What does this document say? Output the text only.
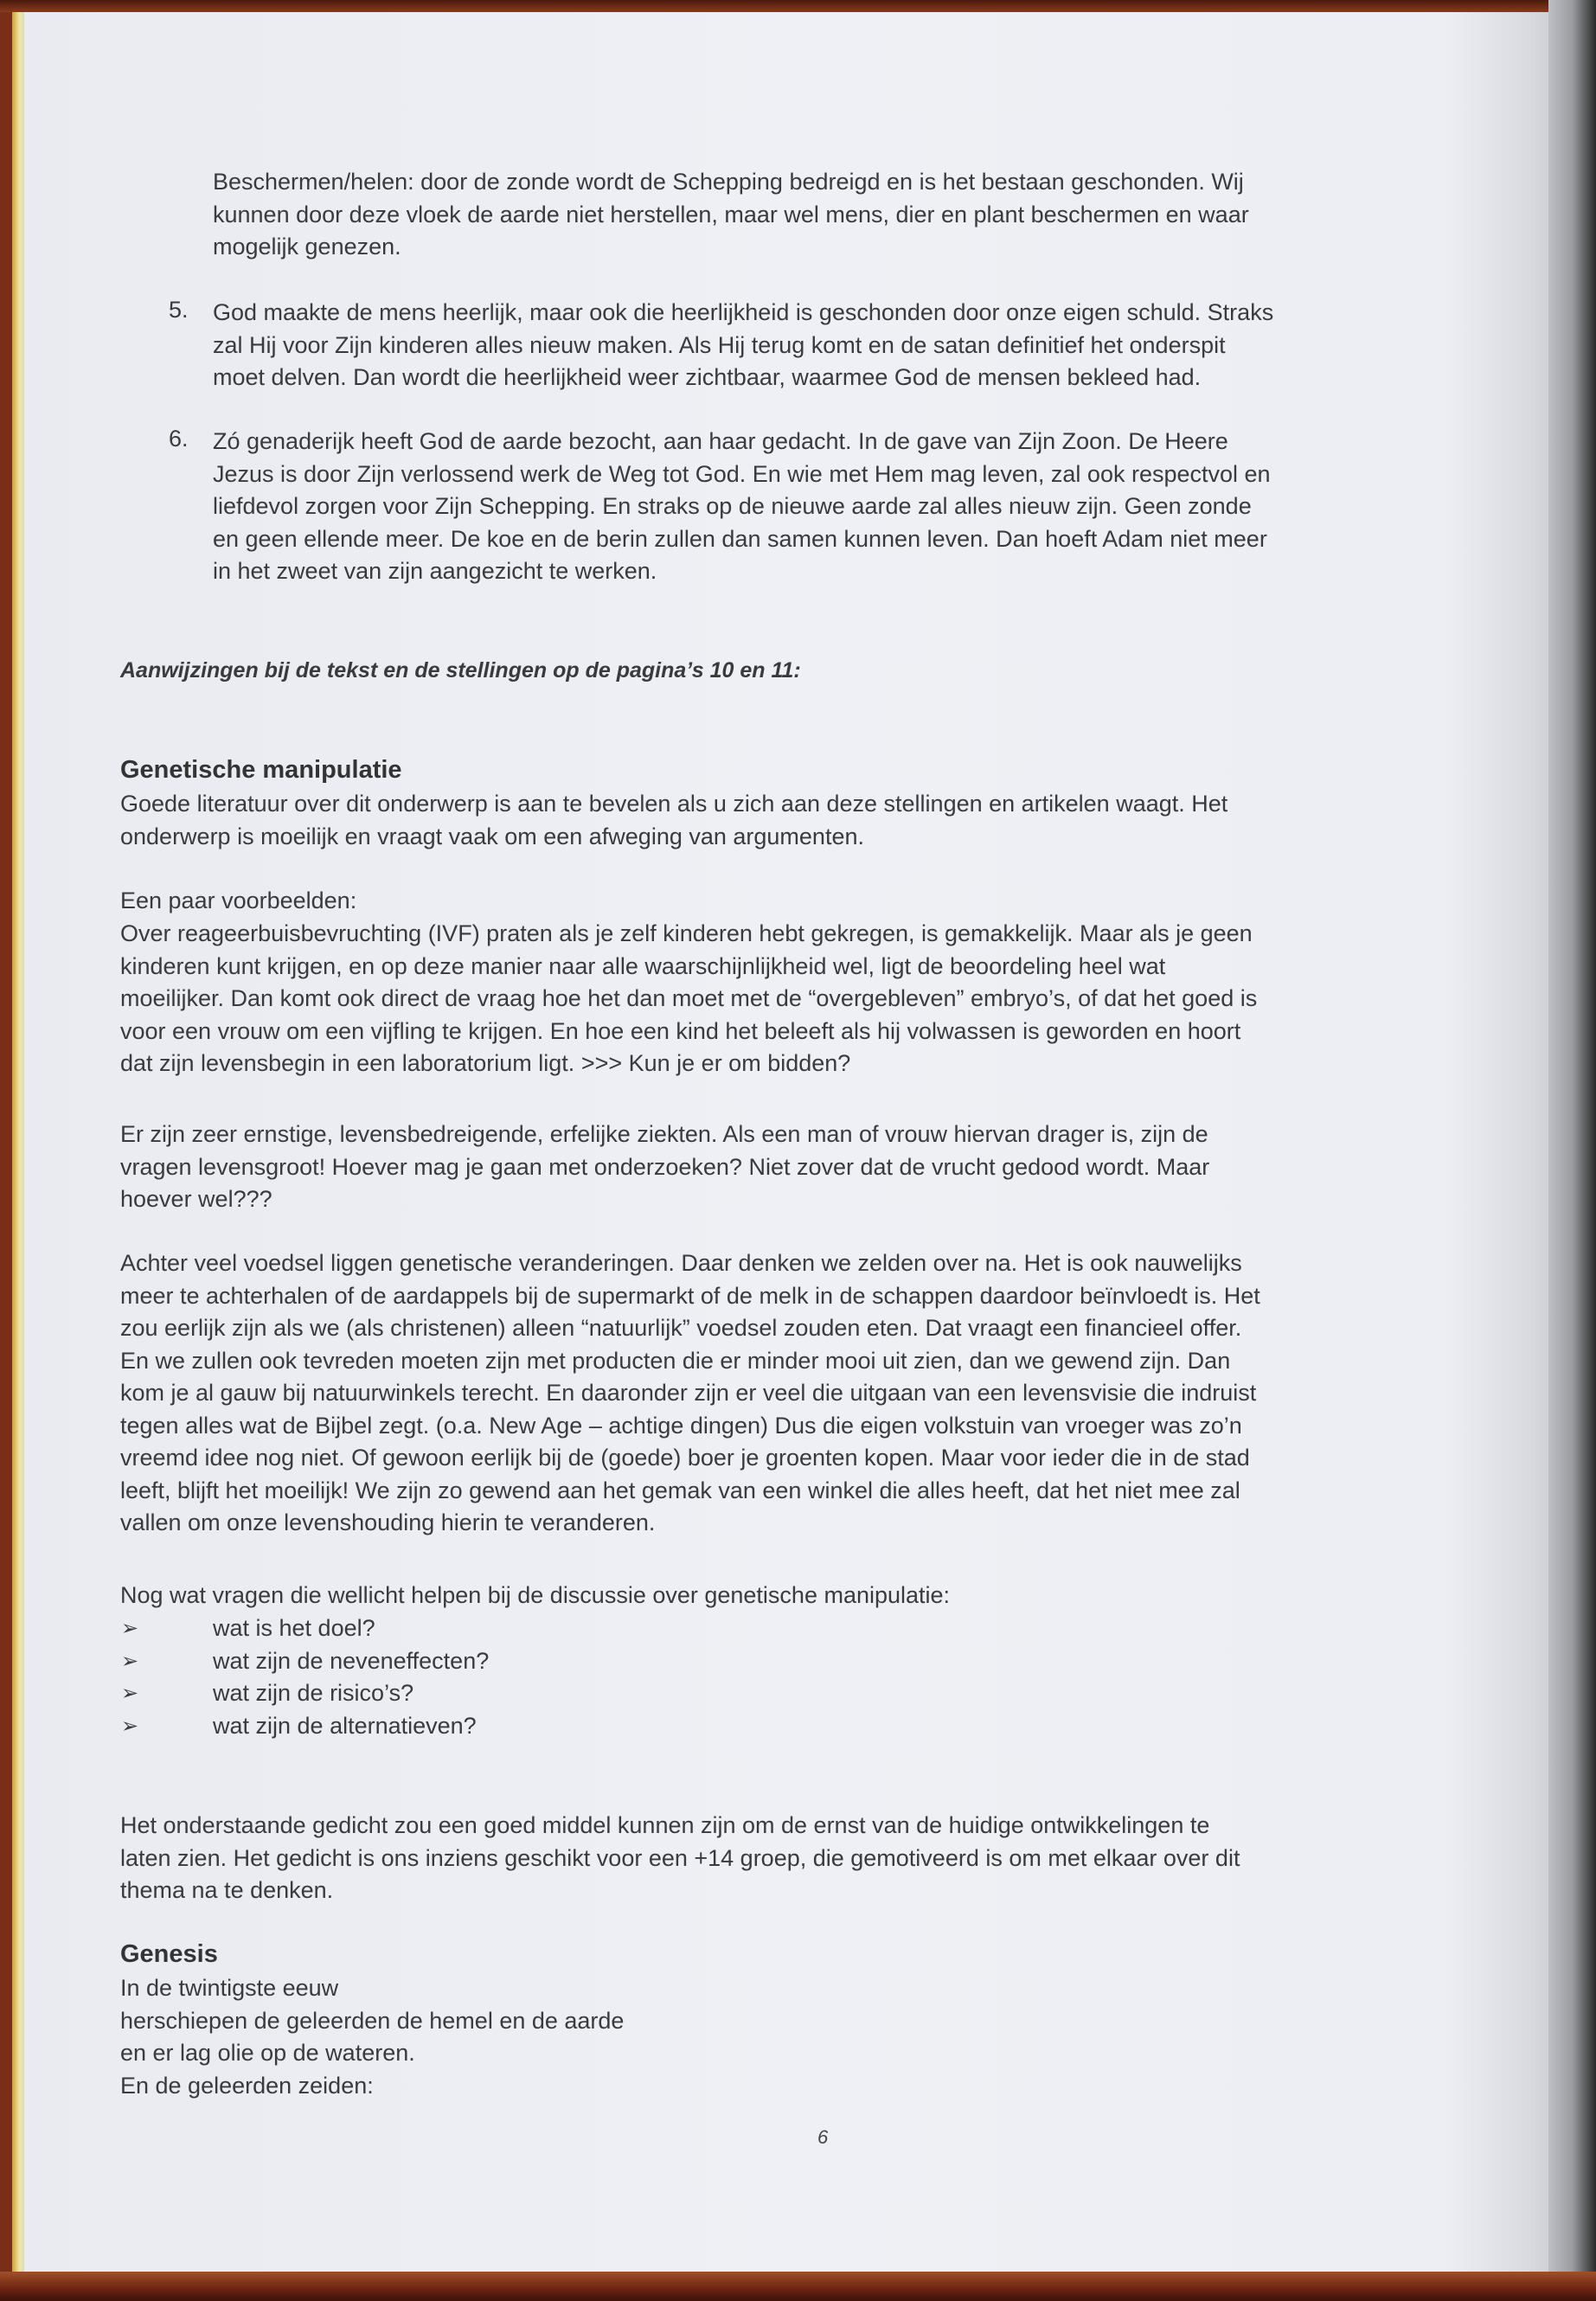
Beschermen/helen: door de zonde wordt de Schepping bedreigd en is het bestaan geschonden. Wij
kunnen door deze vloek de aarde niet herstellen, maar wel mens, dier en plant beschermen en waar
mogelijk genezen.
5. God maakte de mens heerlijk, maar ook die heerlijkheid is geschonden door onze eigen schuld. Straks
zal Hij voor Zijn kinderen alles nieuw maken. Als Hij terug komt en de satan definitief het onderspit
moet delven. Dan wordt die heerlijkheid weer zichtbaar, waarmee God de mensen bekleed had.
6. Zó genaderijk heeft God de aarde bezocht, aan haar gedacht. In de gave van Zijn Zoon. De Heere
Jezus is door Zijn verlossend werk de Weg tot God. En wie met Hem mag leven, zal ook respectvol en
liefdevol zorgen voor Zijn Schepping. En straks op de nieuwe aarde zal alles nieuw zijn. Geen zonde
en geen ellende meer. De koe en de berin zullen dan samen kunnen leven. Dan hoeft Adam niet meer
in het zweet van zijn aangezicht te werken.
Aanwijzingen bij de tekst en de stellingen op de pagina’s 10 en 11:
Genetische manipulatie
Goede literatuur over dit onderwerp is aan te bevelen als u zich aan deze stellingen en artikelen waagt. Het
onderwerp is moeilijk en vraagt vaak om een afweging van argumenten.
Een paar voorbeelden:
Over reageerbuisbevruchting (IVF) praten als je zelf kinderen hebt gekregen, is gemakkelijk. Maar als je geen
kinderen kunt krijgen, en op deze manier naar alle waarschijnlijkheid wel, ligt de beoordeling heel wat
moeilijker. Dan komt ook direct de vraag hoe het dan moet met de “overgebleven” embryo’s, of dat het goed is
voor een vrouw om een vijfling te krijgen. En hoe een kind het beleeft als hij volwassen is geworden en hoort
dat zijn levensbegin in een laboratorium ligt. >>> Kun je er om bidden?
Er zijn zeer ernstige, levensbedreigende, erfelijke ziekten. Als een man of vrouw hiervan drager is, zijn de
vragen levensgroot! Hoever mag je gaan met onderzoeken? Niet zover dat de vrucht gedood wordt. Maar
hoever wel???
Achter veel voedsel liggen genetische veranderingen. Daar denken we zelden over na. Het is ook nauwelijks
meer te achterhalen of de aardappels bij de supermarkt of de melk in de schappen daardoor beïnvloedt is. Het
zou eerlijk zijn als we (als christenen) alleen “natuurlijk” voedsel zouden eten. Dat vraagt een financieel offer.
En we zullen ook tevreden moeten zijn met producten die er minder mooi uit zien, dan we gewend zijn. Dan
kom je al gauw bij natuurwinkels terecht. En daaronder zijn er veel die uitgaan van een levensvisie die indruist
tegen alles wat de Bijbel zegt. (o.a. New Age – achtige dingen) Dus die eigen volkstuin van vroeger was zo’n
vreemd idee nog niet. Of gewoon eerlijk bij de (goede) boer je groenten kopen. Maar voor ieder die in de stad
leeft, blijft het moeilijk! We zijn zo gewend aan het gemak van een winkel die alles heeft, dat het niet mee zal
vallen om onze levenshouding hierin te veranderen.
Nog wat vragen die wellicht helpen bij de discussie over genetische manipulatie:
➢	wat is het doel?
➢	wat zijn de neveneffecten?
➢	wat zijn de risico’s?
➢	wat zijn de alternatieven?
Het onderstaande gedicht zou een goed middel kunnen zijn om de ernst van de huidige ontwikkelingen te
laten zien. Het gedicht is ons inziens geschikt voor een +14 groep, die gemotiveerd is om met elkaar over dit
thema na te denken.
Genesis
In de twintigste eeuw
herschiepen de geleerden de hemel en de aarde
en er lag olie op de wateren.
En de geleerden zeiden:
6
